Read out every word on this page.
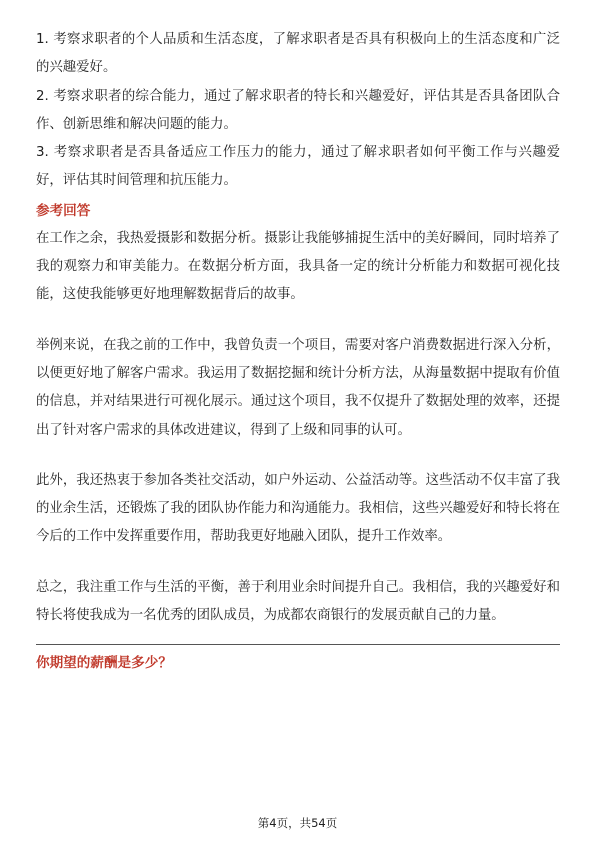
1. 考察求职者的个人品质和生活态度，了解求职者是否具有积极向上的生活态度和广泛的兴趣爱好。

2. 考察求职者的综合能力，通过了解求职者的特长和兴趣爱好，评估其是否具备团队合作、创新思维和解决问题的能力。

3. 考察求职者是否具备适应工作压力的能力，通过了解求职者如何平衡工作与兴趣爱好，评估其时间管理和抗压能力。

参考回答

在工作之余，我热爱摄影和数据分析。摄影让我能够捕捉生活中的美好瞬间，同时培养了我的观察力和审美能力。在数据分析方面，我具备一定的统计分析能力和数据可视化技能，这使我能够更好地理解数据背后的故事。

举例来说，在我之前的工作中，我曾负责一个项目，需要对客户消费数据进行深入分析，以便更好地了解客户需求。我运用了数据挖掘和统计分析方法，从海量数据中提取有价值的信息，并对结果进行可视化展示。通过这个项目，我不仅提升了数据处理的效率，还提出了针对客户需求的具体改进建议，得到了上级和同事的认可。

此外，我还热衷于参加各类社交活动，如户外运动、公益活动等。这些活动不仅丰富了我的业余生活，还锻炼了我的团队协作能力和沟通能力。我相信，这些兴趣爱好和特长将在今后的工作中发挥重要作用，帮助我更好地融入团队，提升工作效率。

总之，我注重工作与生活的平衡，善于利用业余时间提升自己。我相信，我的兴趣爱好和特长将使我成为一名优秀的团队成员，为成都农商银行的发展贡献自己的力量。

你期望的薪酬是多少？
第4页，共54页
